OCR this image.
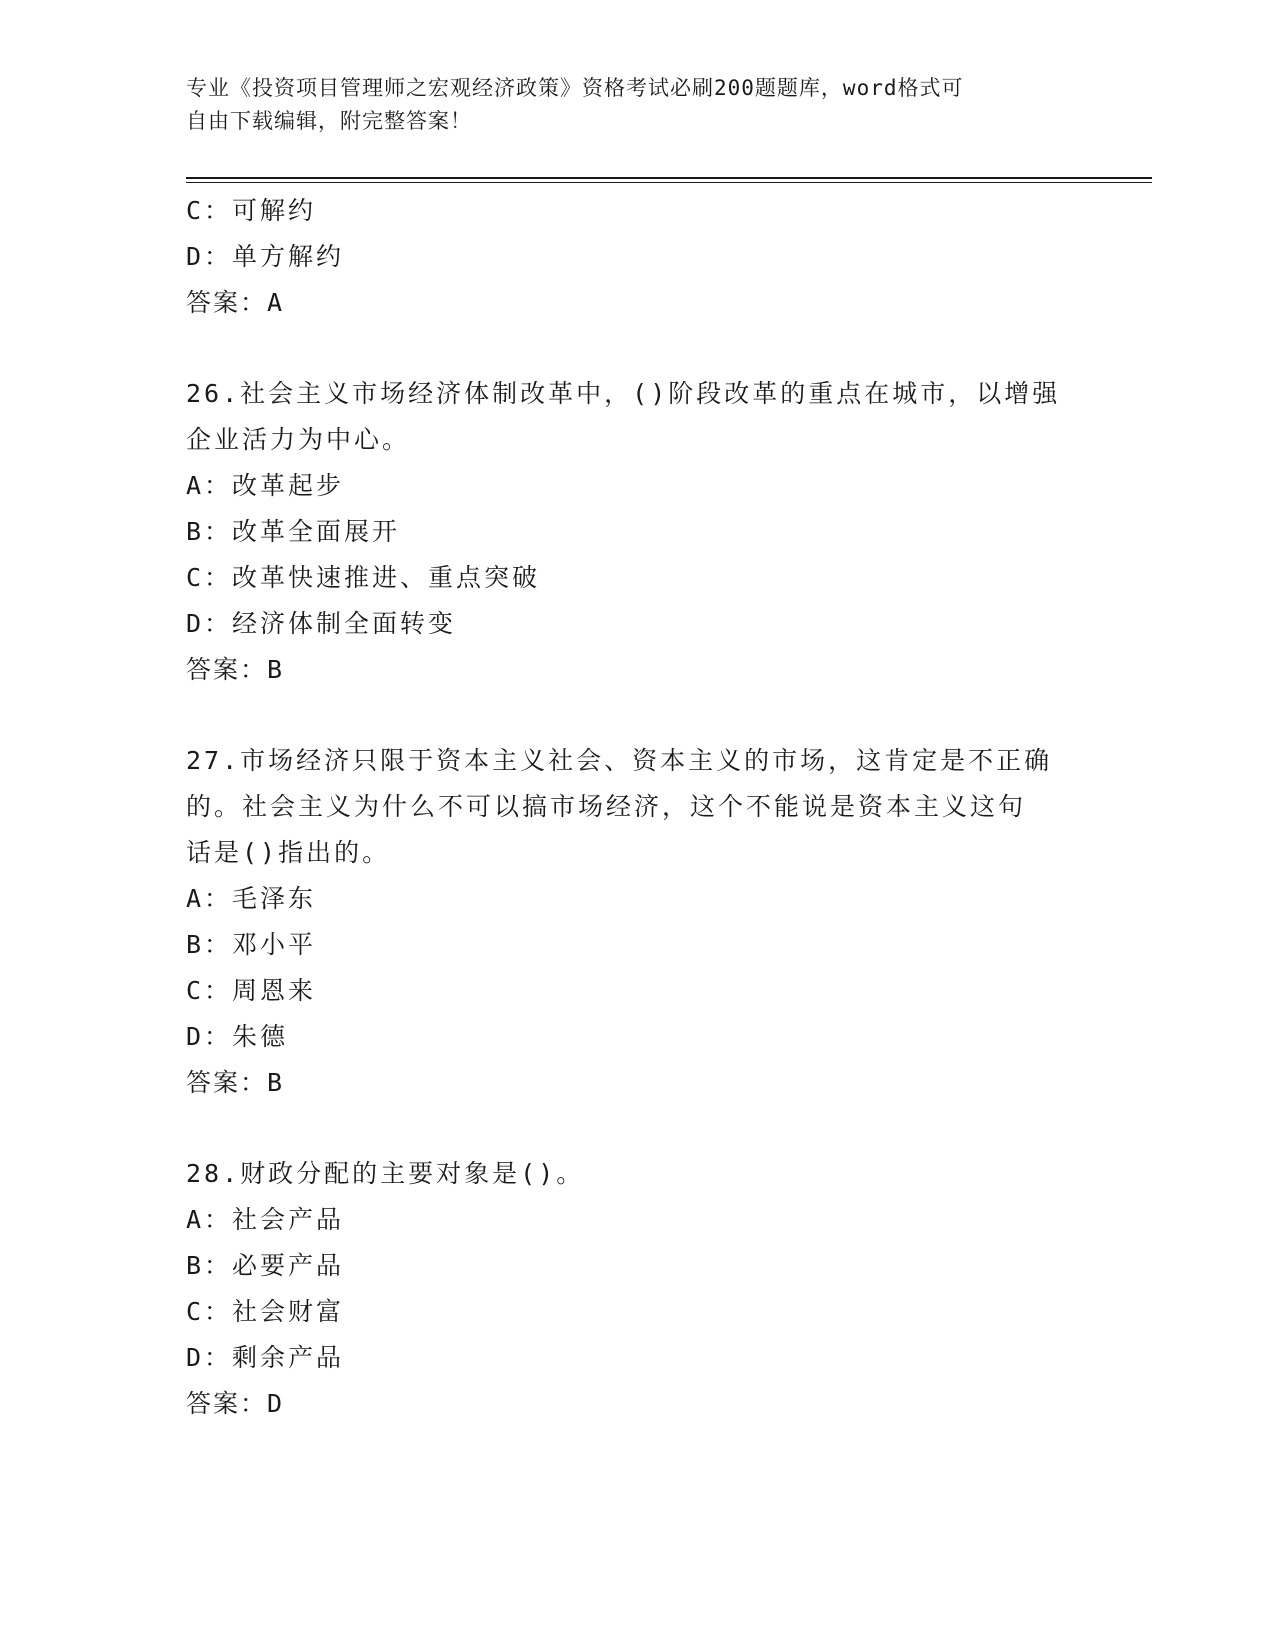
专业《投资项目管理师之宏观经济政策》资格考试必刷200题题库，word格式可
自由下载编辑，附完整答案！
C：可解约
D：单方解约
答案：A
26.社会主义市场经济体制改革中，()阶段改革的重点在城市，以增强
企业活力为中心。
A：改革起步
B：改革全面展开
C：改革快速推进、重点突破
D：经济体制全面转变
答案：B
27.市场经济只限于资本主义社会、资本主义的市场，这肯定是不正确
的。社会主义为什么不可以搞市场经济，这个不能说是资本主义这句
话是()指出的。
A：毛泽东
B：邓小平
C：周恩来
D：朱德
答案：B
28.财政分配的主要对象是()。
A：社会产品
B：必要产品
C：社会财富
D：剩余产品
答案：D
